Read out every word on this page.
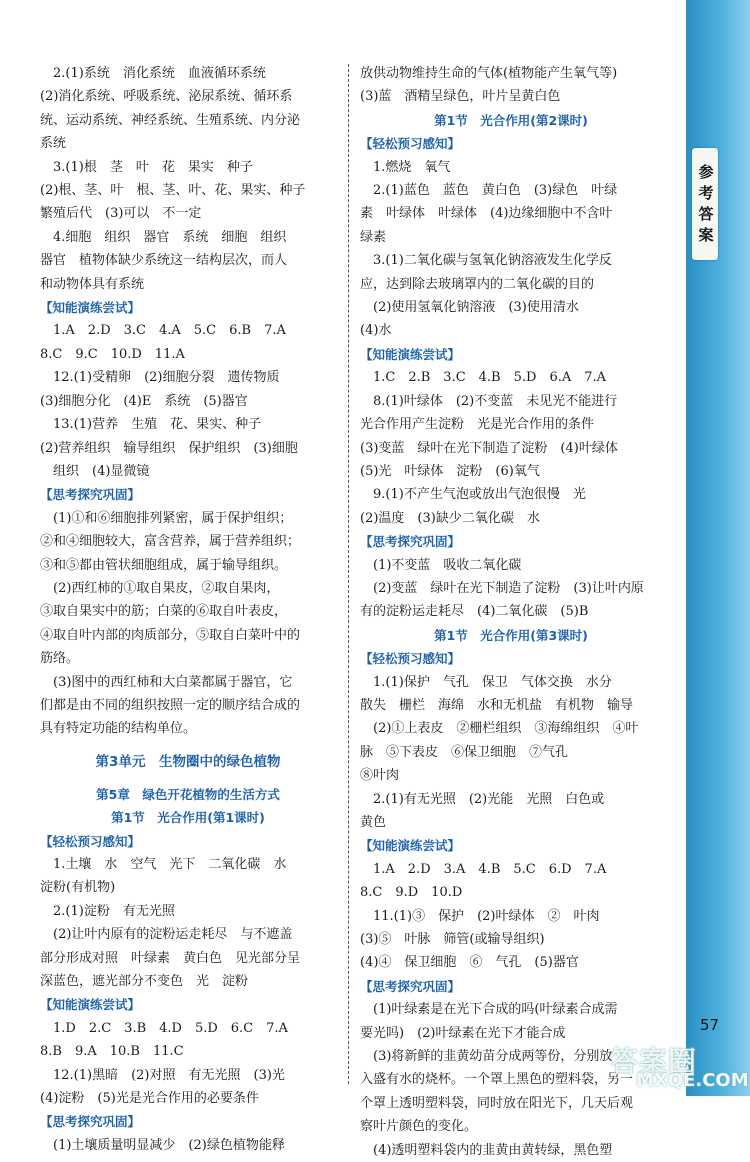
　2.(1)系统　消化系统　血液循环系统
(2)消化系统、呼吸系统、泌尿系统、循环系
统、运动系统、神经系统、生殖系统、内分泌
系统
　3.(1)根　茎　叶　花　果实　种子
(2)根、茎、叶　根、茎、叶、花、果实、种子
繁殖后代　(3)可以　不一定
　4.细胞　组织　器官　系统　细胞　组织
器官　植物体缺少系统这一结构层次，而人
和动物体具有系统
【知能演练尝试】
　1.A　2.D　3.C　4.A　5.C　6.B　7.A
8.C　9.C　10.D　11.A
　12.(1)受精卵　(2)细胞分裂　遗传物质
(3)细胞分化　(4)E　系统　(5)器官
　13.(1)营养　生殖　花、果实、种子
(2)营养组织　输导组织　保护组织　(3)细胞
　组织　(4)显微镜
【思考探究巩固】
　(1)①和⑥细胞排列紧密，属于保护组织；
②和④细胞较大，富含营养，属于营养组织；
③和⑤都由管状细胞组成，属于输导组织。
　(2)西红柿的①取自果皮，②取自果肉，
③取自果实中的筋；白菜的⑥取自叶表皮，
④取自叶内部的肉质部分，⑤取自白菜叶中的
筋络。
　(3)图中的西红柿和大白菜都属于器官，它
们都是由不同的组织按照一定的顺序结合成的
具有特定功能的结构单位。
第3单元　生物圈中的绿色植物
第5章　绿色开花植物的生活方式
第1节　光合作用(第1课时)
【轻松预习感知】
　1.土壤　水　空气　光下　二氧化碳　水
淀粉(有机物)
　2.(1)淀粉　有无光照
　(2)让叶内原有的淀粉运走耗尽　与不遮盖
部分形成对照　叶绿素　黄白色　见光部分呈
深蓝色，遮光部分不变色　光　淀粉
【知能演练尝试】
　1.D　2.C　3.B　4.D　5.D　6.C　7.A
8.B　9.A　10.B　11.C
　12.(1)黑暗　(2)对照　有无光照　(3)光
(4)淀粉　(5)光是光合作用的必要条件
【思考探究巩固】
　(1)土壤质量明显减少　(2)绿色植物能释
放供动物维持生命的气体(植物能产生氧气等)
(3)蓝　酒精呈绿色，叶片呈黄白色
第1节　光合作用(第2课时)
【轻松预习感知】
　1.燃烧　氧气
　2.(1)蓝色　蓝色　黄白色　(3)绿色　叶绿
素　叶绿体　叶绿体　(4)边缘细胞中不含叶
绿素
　3.(1)二氧化碳与氢氧化钠溶液发生化学反
应，达到除去玻璃罩内的二氧化碳的目的
　(2)使用氢氧化钠溶液　(3)使用清水
(4)水
【知能演练尝试】
　1.C　2.B　3.C　4.B　5.D　6.A　7.A
　8.(1)叶绿体　(2)不变蓝　未见光不能进行
光合作用产生淀粉　光是光合作用的条件
(3)变蓝　绿叶在光下制造了淀粉　(4)叶绿体
(5)光　叶绿体　淀粉　(6)氧气
　9.(1)不产生气泡或放出气泡很慢　光
(2)温度　(3)缺少二氧化碳　水
【思考探究巩固】
　(1)不变蓝　吸收二氧化碳
　(2)变蓝　绿叶在光下制造了淀粉　(3)让叶内原
有的淀粉运走耗尽　(4)二氧化碳　(5)B
第1节　光合作用(第3课时)
【轻松预习感知】
　1.(1)保护　气孔　保卫　气体交换　水分
散失　栅栏　海绵　水和无机盐　有机物　输导
　(2)①上表皮　②栅栏组织　③海绵组织　④叶
脉　⑤下表皮　⑥保卫细胞　⑦气孔
⑧叶肉
　2.(1)有无光照　(2)光能　光照　白色或
黄色
【知能演练尝试】
　1.A　2.D　3.A　4.B　5.C　6.D　7.A
8.C　9.D　10.D
　11.(1)③　保护　(2)叶绿体　②　叶肉
(3)⑤　叶脉　筛管(或输导组织)
(4)④　保卫细胞　⑥　气孔　(5)器官
【思考探究巩固】
　(1)叶绿素是在光下合成的吗(叶绿素合成需
要光吗)　(2)叶绿素在光下才能合成
　(3)将新鲜的韭黄幼苗分成两等份，分别放
入盛有水的烧杯。一个罩上黑色的塑料袋，另一
个罩上透明塑料袋，同时放在阳光下，几天后观
察叶片颜色的变化。
　(4)透明塑料袋内的韭黄由黄转绿，黑色塑
参考答案
57
答案圈
MXQE.COM
